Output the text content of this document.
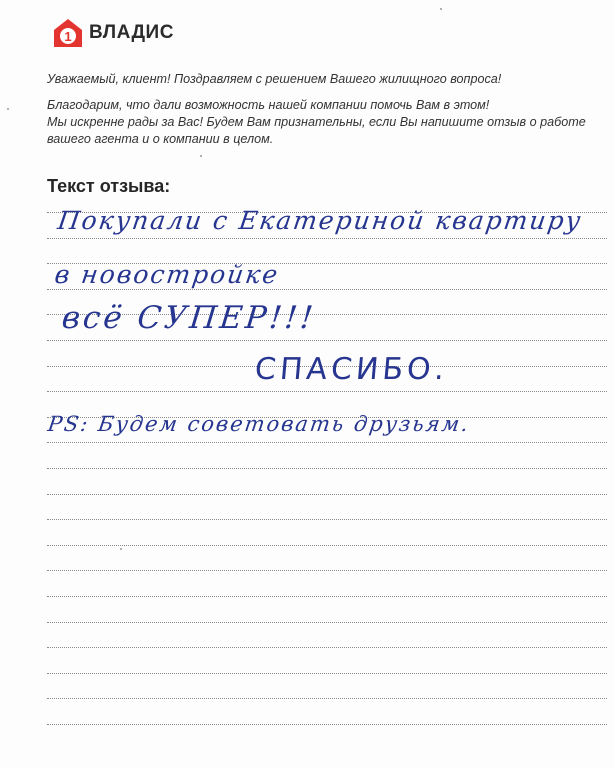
1 ВЛАДИС

Уважаемый, клиент! Поздравляем с решением Вашего жилищного вопроса!

Благодарим, что дали возможность нашей компании помочь Вам в этом!

Мы искренне рады за Вас! Будем Вам признательны, если Вы напишите отзыв о работе

вашего агента и о компании в целом.

Текст отзыва:

Покупали с Екатериной квартиру

в новостройке

всё СУПЕР!!!

СПАСИБО.

PS: Будем советовать друзьям.
